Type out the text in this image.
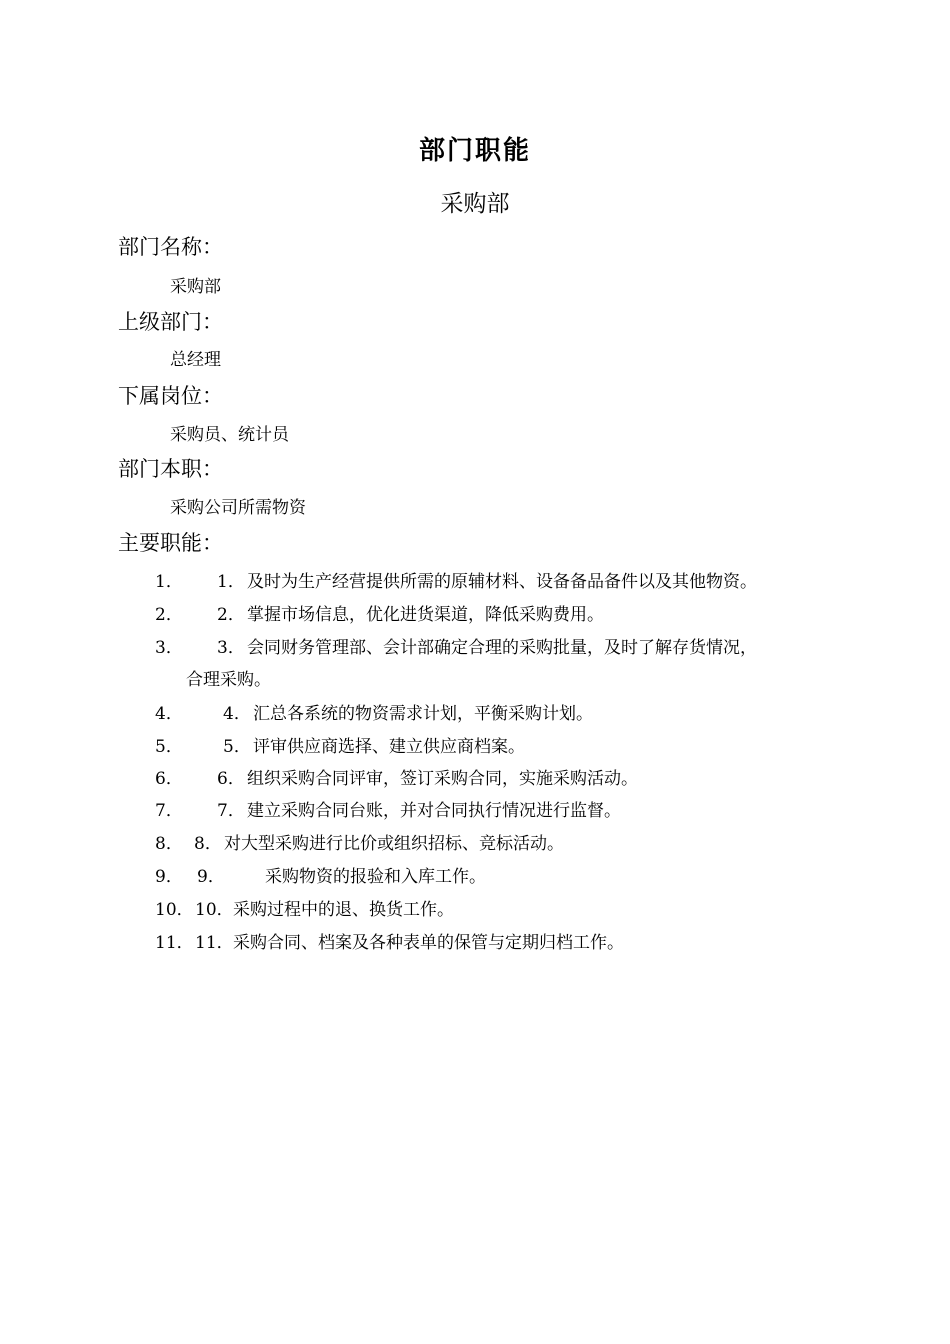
部门职能
采购部
部门名称：
采购部
上级部门：
总经理
下属岗位：
采购员、统计员
部门本职：
采购公司所需物资
主要职能：
1． 1． 及时为生产经营提供所需的原辅材料、设备备品备件以及其他物资。
2． 2． 掌握市场信息，优化进货渠道，降低采购费用。
3． 3． 会同财务管理部、会计部确定合理的采购批量，及时了解存货情况，
合理采购。
4． 4． 汇总各系统的物资需求计划，平衡采购计划。
5． 5． 评审供应商选择、建立供应商档案。
6． 6． 组织采购合同评审，签订采购合同，实施采购活动。
7． 7． 建立采购合同台账，并对合同执行情况进行监督。
8． 8． 对大型采购进行比价或组织招标、竞标活动。
9． 9． 采购物资的报验和入库工作。
10．10．采购过程中的退、换货工作。
11．11．采购合同、档案及各种表单的保管与定期归档工作。
